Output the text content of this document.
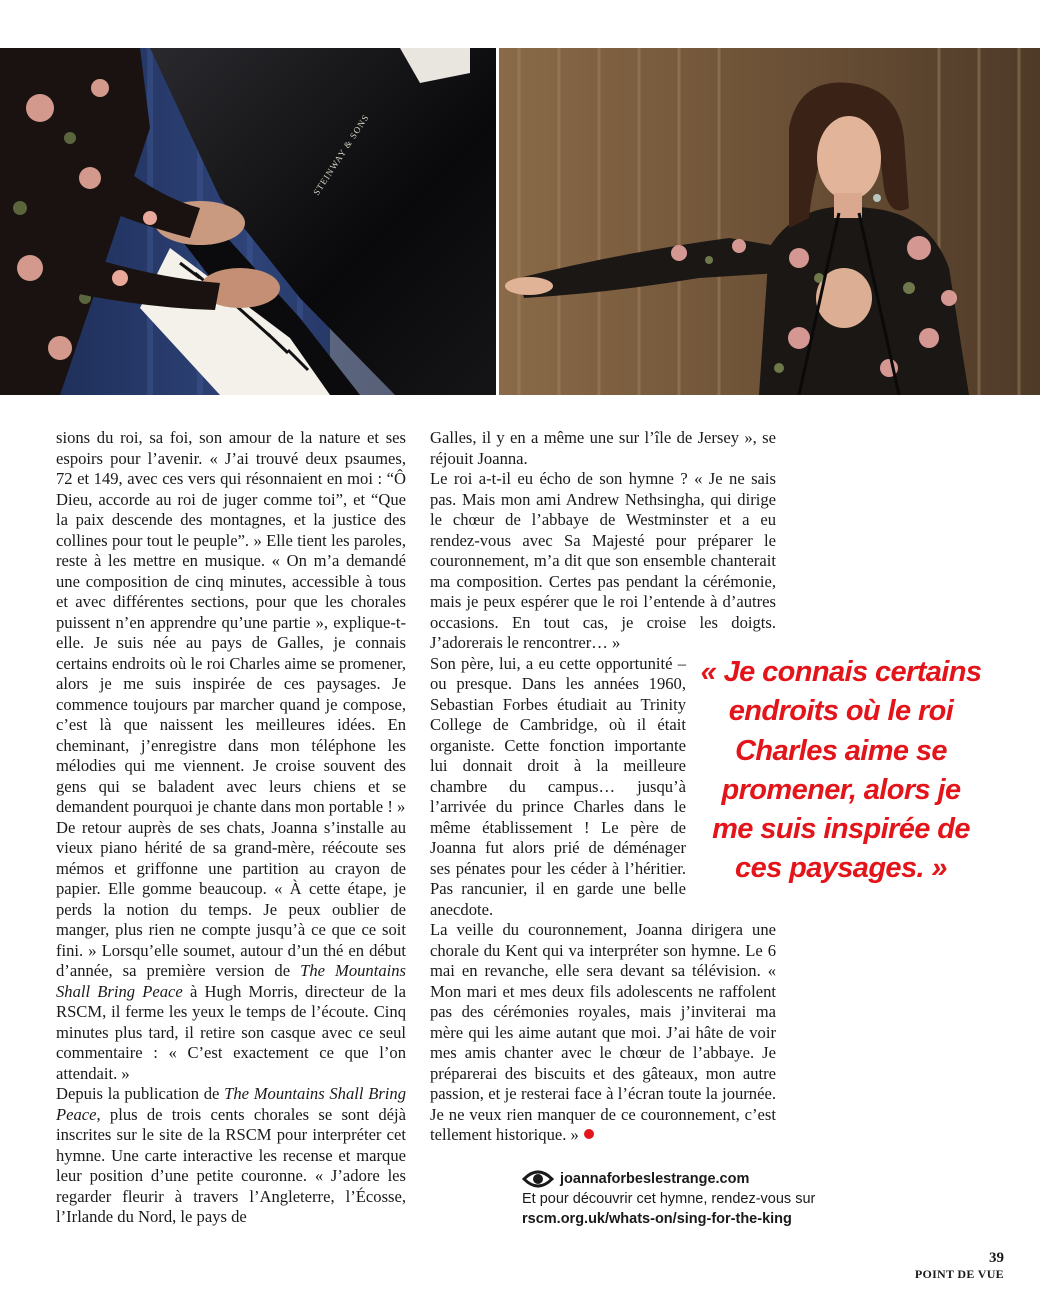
STEINWAY & SONS

sions du roi, sa foi, son amour de la nature et ses espoirs pour l’avenir. « J’ai trouvé deux psaumes, 72 et 149, avec ces vers qui résonnaient en moi : “Ô Dieu, accorde au roi de juger comme toi”, et “Que la paix descende des montagnes, et la justice des collines pour tout le peuple”. » Elle tient les paroles, reste à les mettre en musique. « On m’a demandé une composition de cinq minutes, accessible à tous et avec différentes sections, pour que les chorales puissent n’en apprendre qu’une partie », explique-t-elle. Je suis née au pays de Galles, je connais certains endroits où le roi Charles aime se promener, alors je me suis inspirée de ces paysages. Je commence toujours par marcher quand je compose, c’est là que naissent les meilleures idées. En cheminant, j’enregistre dans mon téléphone les mélodies qui me viennent. Je croise souvent des gens qui se baladent avec leurs chiens et se demandent pourquoi je chante dans mon portable ! »

De retour auprès de ses chats, Joanna s’installe au vieux piano hérité de sa grand-mère, réécoute ses mémos et griffonne une partition au crayon de papier. Elle gomme beaucoup. « À cette étape, je perds la notion du temps. Je peux oublier de manger, plus rien ne compte jusqu’à ce que ce soit fini. » Lorsqu’elle soumet, autour d’un thé en début d’année, sa première version de The Mountains Shall Bring Peace à Hugh Morris, directeur de la RSCM, il ferme les yeux le temps de l’écoute. Cinq minutes plus tard, il retire son casque avec ce seul commentaire : « C’est exactement ce que l’on attendait. »

Depuis la publication de The Mountains Shall Bring Peace, plus de trois cents chorales se sont déjà inscrites sur le site de la RSCM pour interpréter cet hymne. Une carte interactive les recense et marque leur position d’une petite couronne. « J’adore les regarder fleurir à travers l’Angleterre, l’Écosse, l’Irlande du Nord, le pays de

Galles, il y en a même une sur l’île de Jersey », se réjouit Joanna.

Le roi a-t-il eu écho de son hymne ? « Je ne sais pas. Mais mon ami Andrew Nethsingha, qui dirige le chœur de l’abbaye de Westminster et a eu rendez-vous avec Sa Majesté pour préparer le couronnement, m’a dit que son ensemble chanterait ma composition. Certes pas pendant la cérémonie, mais je peux espérer que le roi l’entende à d’autres occasions. En tout cas, je croise les doigts. J’adorerais le rencontrer… »

Son père, lui, a eu cette opportunité – ou presque. Dans les années 1960, Sebastian Forbes étudiait au Trinity College de Cambridge, où il était organiste. Cette fonction importante lui donnait droit à la meilleure chambre du campus… jusqu’à l’arrivée du prince Charles dans le même établissement ! Le père de Joanna fut alors prié de déménager ses pénates pour les céder à l’héritier. Pas rancunier, il en garde une belle anecdote.

La veille du couronnement, Joanna dirigera une chorale du Kent qui va interpréter son hymne. Le 6 mai en revanche, elle sera devant sa télévision. « Mon mari et mes deux fils adolescents ne raffolent pas des cérémonies royales, mais j’inviterai ma mère qui les aime autant que moi. J’ai hâte de voir mes amis chanter avec le chœur de l’abbaye. Je préparerai des biscuits et des gâteaux, mon autre passion, et je resterai face à l’écran toute la journée. Je ne veux rien manquer de ce couronnement, c’est tellement historique. »

« Je connais certains endroits où le roi Charles aime se promener, alors je me suis inspirée de ces paysages. »
joannaforbeslestrange.com
Et pour découvrir cet hymne, rendez-vous sur rscm.org.uk/whats-on/sing-for-the-king
39
POINT DE VUE
